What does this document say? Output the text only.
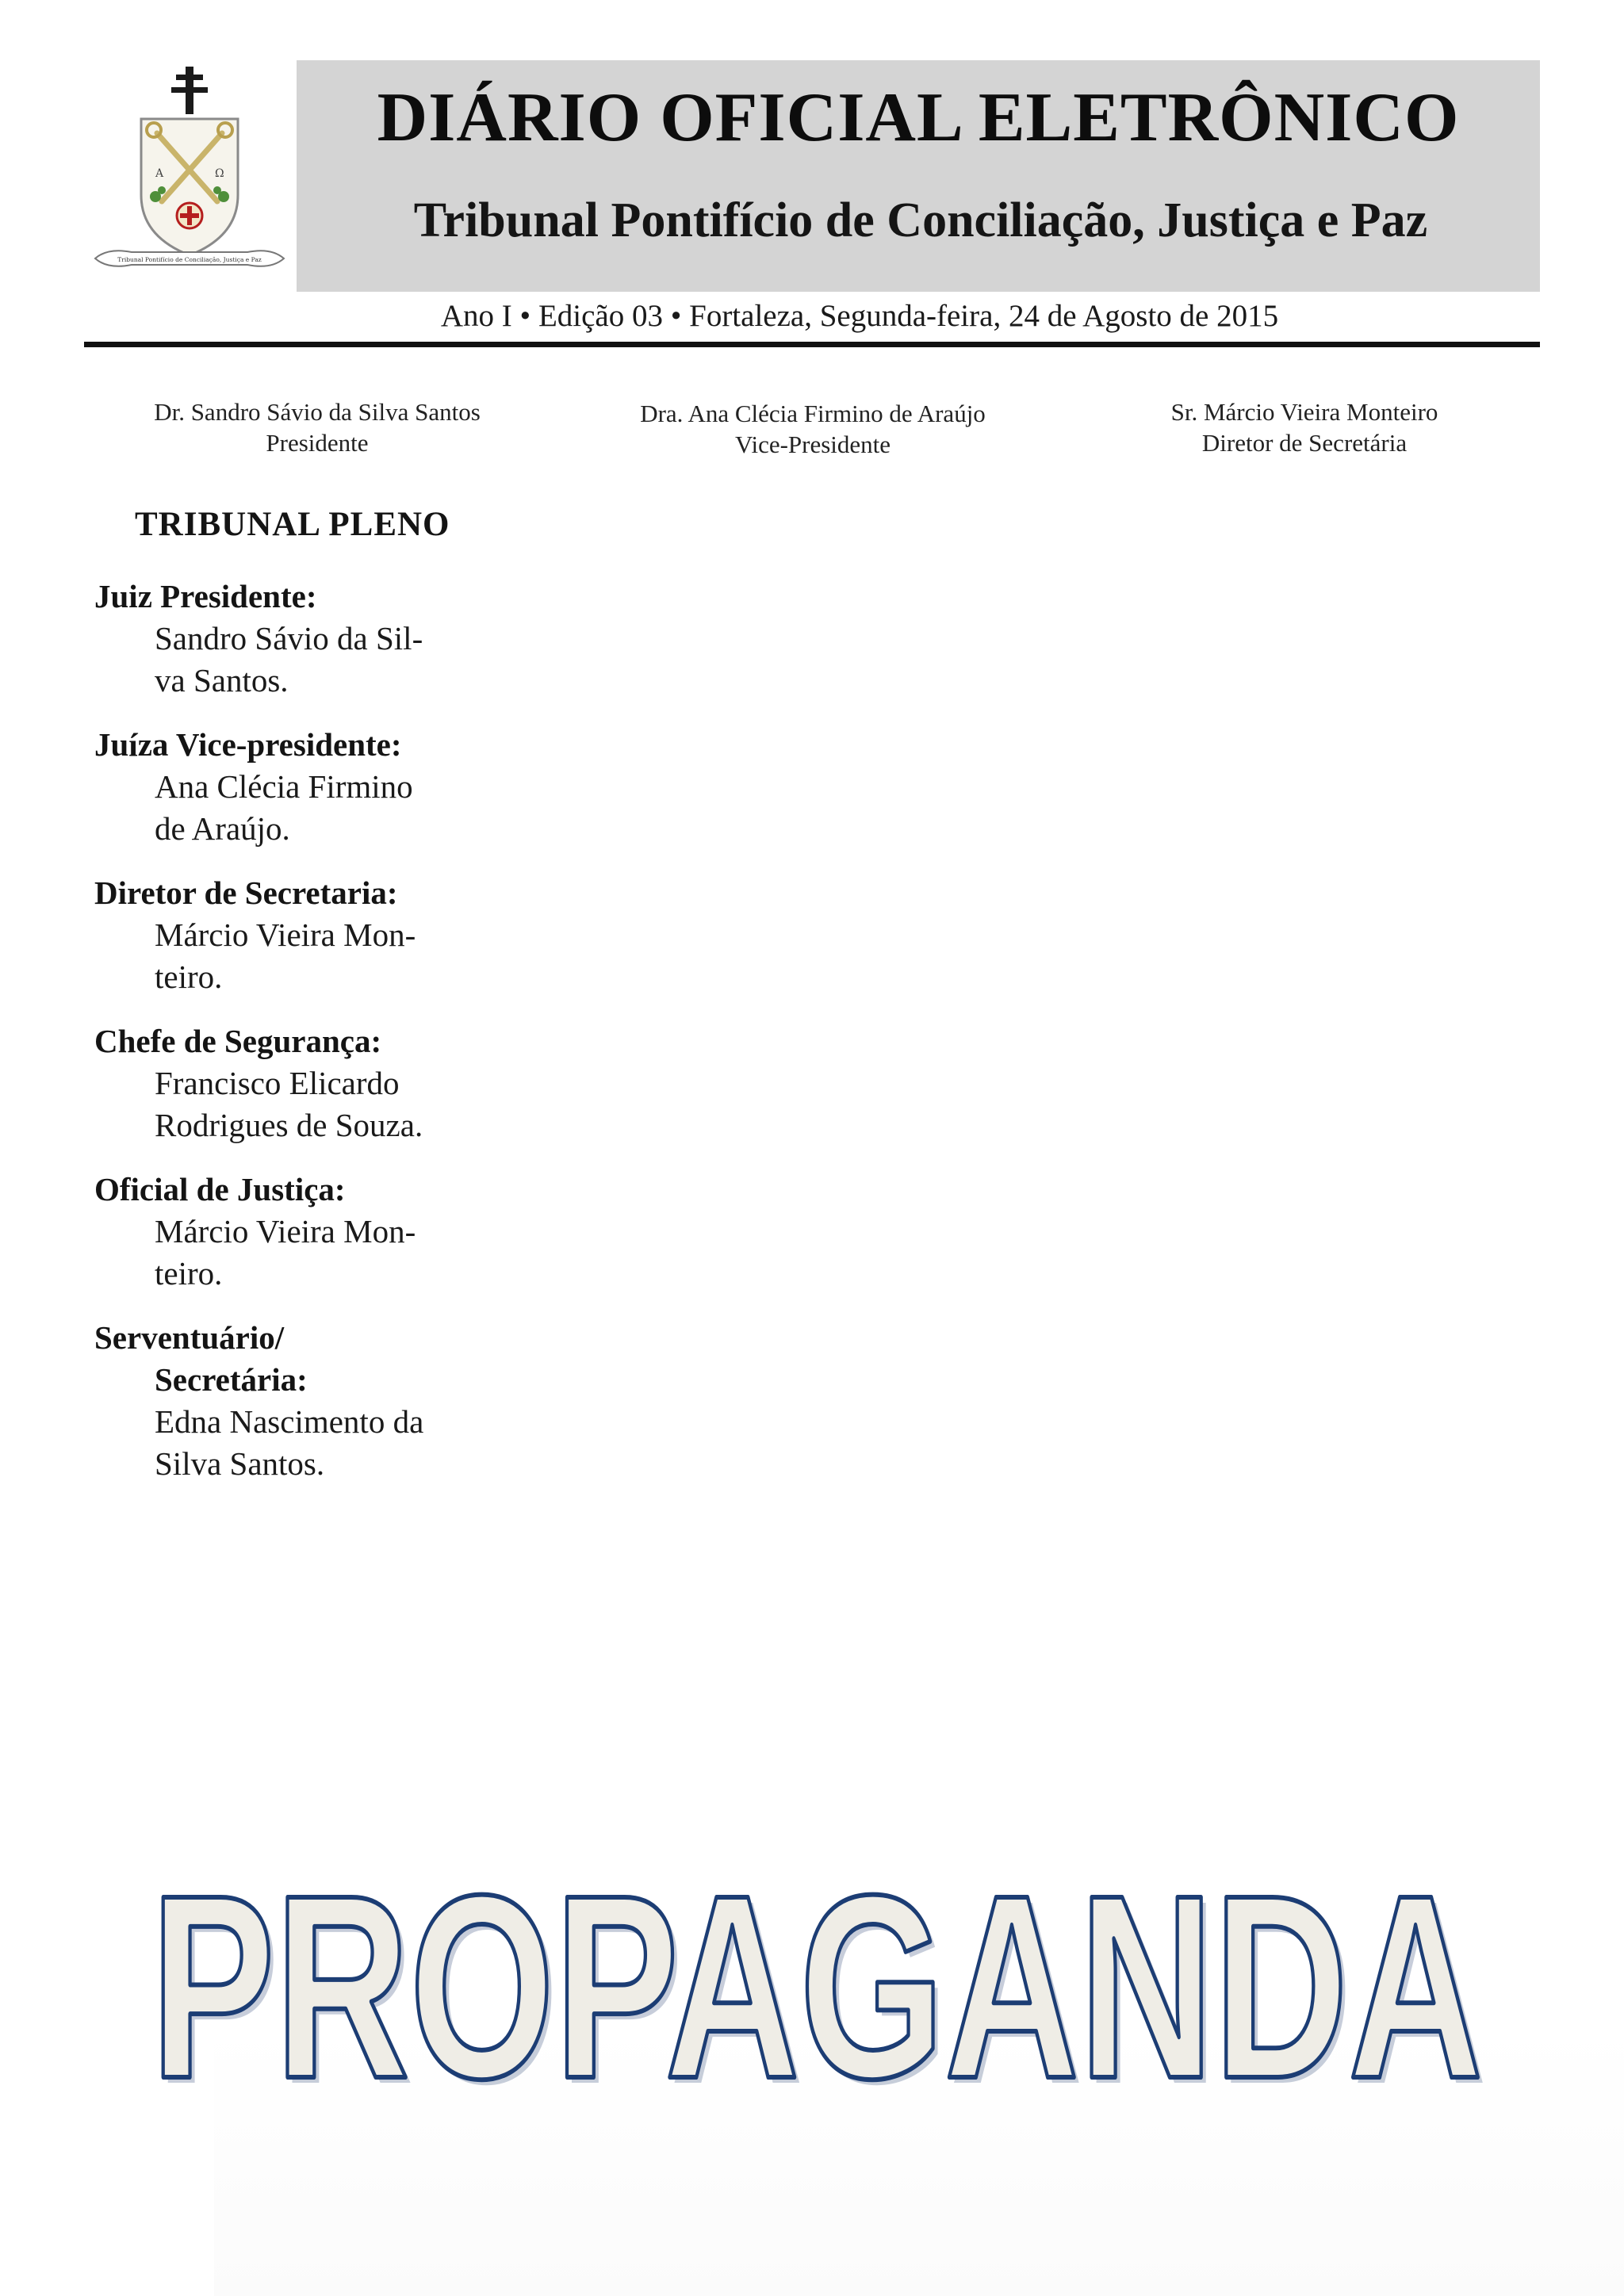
A	Ω
Tribunal Pontifício de Conciliação, Justiça e Paz
DIÁRIO OFICIAL ELETRÔNICO
Tribunal Pontifício de Conciliação, Justiça e Paz
Ano I • Edição 03 • Fortaleza, Segunda-feira, 24 de Agosto de 2015
Dr. Sandro Sávio da Silva Santos
Presidente
Dra. Ana Clécia Firmino de Araújo
Vice-Presidente
Sr. Márcio Vieira Monteiro
Diretor de Secretária
TRIBUNAL PLENO
Juiz Presidente:
Sandro Sávio da Sil-
va Santos.
Juíza Vice-presidente:
Ana Clécia Firmino
de Araújo.
Diretor de Secretaria:
Márcio Vieira Mon-
teiro.
Chefe de Segurança:
Francisco Elicardo
Rodrigues de Souza.
Oficial de Justiça:
Márcio Vieira Mon-
teiro.
Serventuário/
Secretária:
Edna Nascimento da
Silva Santos.
PROPAGANDA
PROPAGANDA
